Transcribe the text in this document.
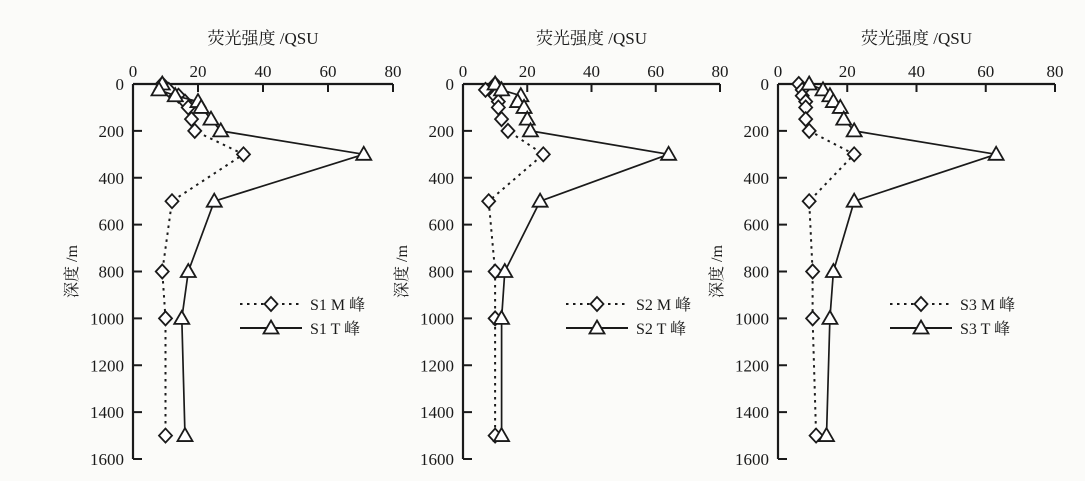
荧光强度 /QSU
0	20	40	60	80
0
200
400
600
800
1000
1200
1400
1600
深度 /m
S1 M 峰
S1 T 峰
荧光强度 /QSU
0	20	40	60	80
0
200
400
600
800
1000
1200
1400
1600
深度 /m
S2 M 峰
S2 T 峰
荧光强度 /QSU
0	20	40	60	80
0
200
400
600
800
1000
1200
1400
1600
深度 /m
S3 M 峰
S3 T 峰
